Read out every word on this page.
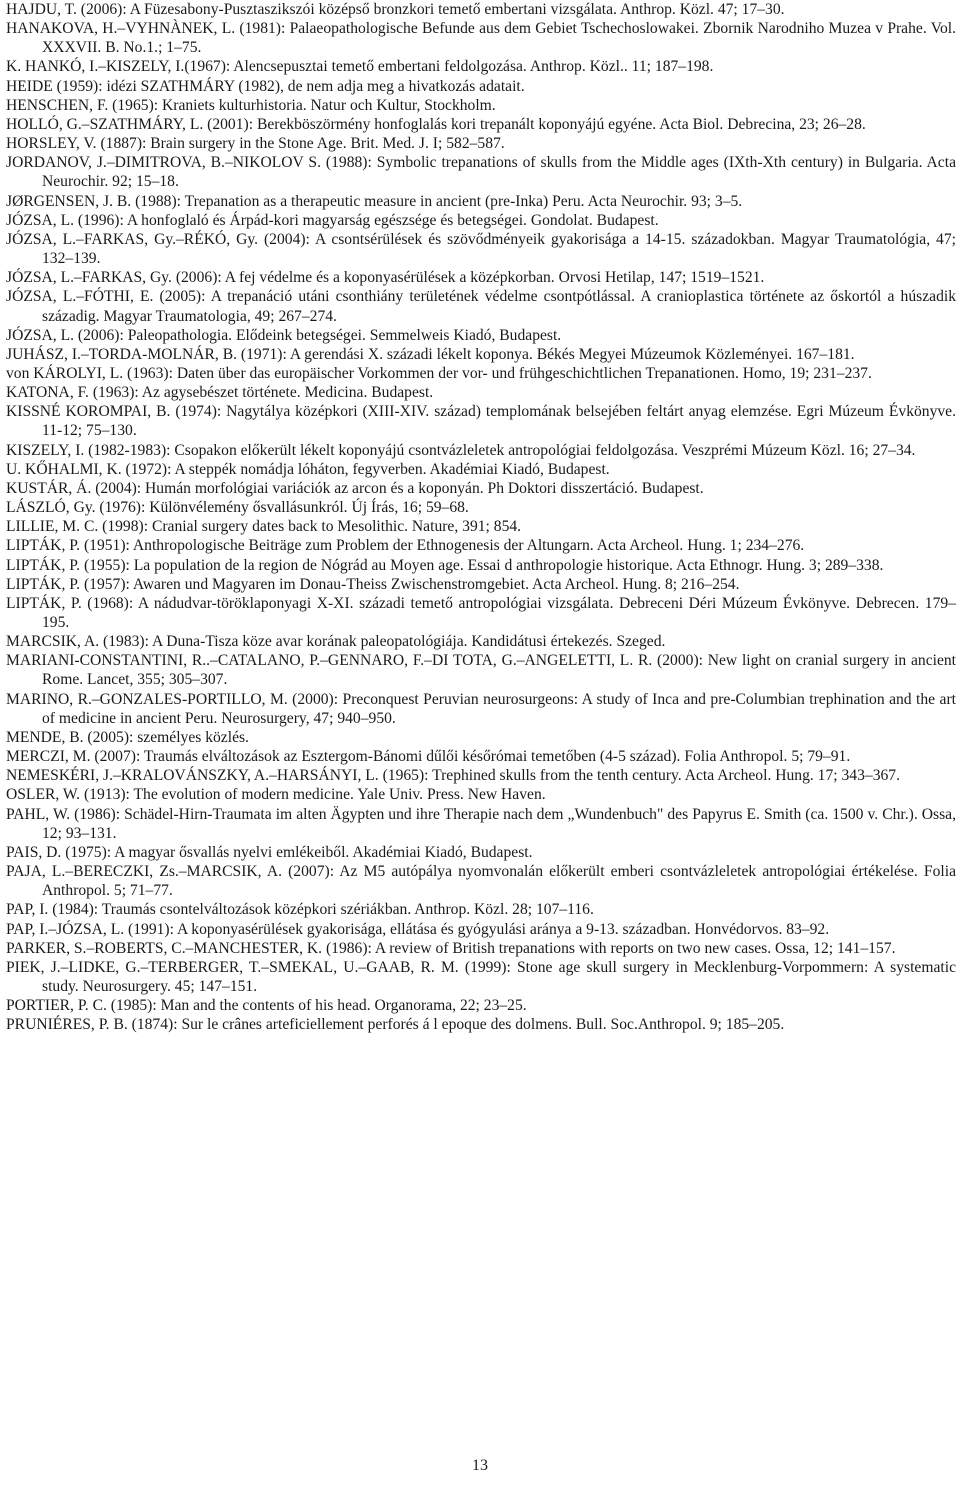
HAJDU, T. (2006): A Füzesabony-Pusztaszikszói középső bronzkori temető embertani vizsgálata. Anthrop. Közl. 47; 17–30.

HANAKOVA, H.–VYHNÀNEK, L. (1981): Palaeopathologische Befunde aus dem Gebiet Tschechoslowakei. Zbornik Narodniho Muzea v Prahe. Vol. XXXVII. B. No.1.; 1–75.

K. HANKÓ, I.–KISZELY, I.(1967): Alencsepusztai temető embertani feldolgozása. Anthrop. Közl.. 11; 187–198.

HEIDE (1959): idézi SZATHMÁRY (1982), de nem adja meg a hivatkozás adatait.

HENSCHEN, F. (1965): Kraniets kulturhistoria. Natur och Kultur, Stockholm.

HOLLÓ, G.–SZATHMÁRY, L. (2001): Berekböszörmény honfoglalás kori trepanált koponyájú egyéne. Acta Biol. Debrecina, 23; 26–28.

HORSLEY, V. (1887): Brain surgery in the Stone Age. Brit. Med. J. I; 582–587.

JORDANOV, J.–DIMITROVA, B.–NIKOLOV S. (1988): Symbolic trepanations of skulls from the Middle ages (IXth-Xth century) in Bulgaria. Acta Neurochir. 92; 15–18.

JØRGENSEN, J. B. (1988): Trepanation as a therapeutic measure in ancient (pre-Inka) Peru. Acta Neurochir. 93; 3–5.

JÓZSA, L. (1996): A honfoglaló és Árpád-kori magyarság egészsége és betegségei. Gondolat. Budapest.

JÓZSA, L.–FARKAS, Gy.–RÉKÓ, Gy. (2004): A csontsérülések és szövődményeik gyakorisága a 14-15. századokban. Magyar Traumatológia, 47; 132–139.

JÓZSA, L.–FARKAS, Gy. (2006): A fej védelme és a koponyasérülések a középkorban. Orvosi Hetilap, 147; 1519–1521.

JÓZSA, L.–FÓTHI, E. (2005): A trepanáció utáni csonthiány területének védelme csontpótlással. A cranioplastica története az őskortól a húszadik századig. Magyar Traumatologia, 49; 267–274.

JÓZSA, L. (2006): Paleopathologia. Elődeink betegségei. Semmelweis Kiadó, Budapest.

JUHÁSZ, I.–TORDA-MOLNÁR, B. (1971): A gerendási X. századi lékelt koponya. Békés Megyei Múzeumok Közleményei. 167–181.

von KÁROLYI, L. (1963): Daten über das europäischer Vorkommen der vor- und frühgeschichtlichen Trepanationen. Homo, 19; 231–237.

KATONA, F. (1963): Az agysebészet története. Medicina. Budapest.

KISSNÉ KOROMPAI, B. (1974): Nagytálya középkori (XIII-XIV. század) templomának belsejében feltárt anyag elemzése. Egri Múzeum Évkönyve. 11-12; 75–130.

KISZELY, I. (1982-1983): Csopakon előkerült lékelt koponyájú csontvázleletek antropológiai feldolgozása. Veszprémi Múzeum Közl. 16; 27–34.

U. KŐHALMI, K. (1972): A steppék nomádja lóháton, fegyverben. Akadémiai Kiadó, Budapest.

KUSTÁR, Á. (2004): Humán morfológiai variációk az arcon és a koponyán. Ph Doktori disszertáció. Budapest.

LÁSZLÓ, Gy. (1976): Különvélemény ősvallásunkról. Új Írás, 16; 59–68.

LILLIE, M. C. (1998): Cranial surgery dates back to Mesolithic. Nature, 391; 854.

LIPTÁK, P. (1951): Anthropologische Beiträge zum Problem der Ethnogenesis der Altungarn. Acta Archeol. Hung. 1; 234–276.

LIPTÁK, P. (1955): La population de la region de Nógrád au Moyen age. Essai d anthropologie historique. Acta Ethnogr. Hung. 3; 289–338.

LIPTÁK, P. (1957): Awaren und Magyaren im Donau-Theiss Zwischenstromgebiet. Acta Archeol. Hung. 8; 216–254.

LIPTÁK, P. (1968): A nádudvar-töröklaponyagi X-XI. századi temető antropológiai vizsgálata. Debreceni Déri Múzeum Évkönyve. Debrecen. 179–195.

MARCSIK, A. (1983): A Duna-Tisza köze avar korának paleopatológiája. Kandidátusi értekezés. Szeged.

MARIANI-CONSTANTINI, R..–CATALANO, P.–GENNARO, F.–DI TOTA, G.–ANGELETTI, L. R. (2000): New light on cranial surgery in ancient Rome. Lancet, 355; 305–307.

MARINO, R.–GONZALES-PORTILLO, M. (2000): Preconquest Peruvian neurosurgeons: A study of Inca and pre-Columbian trephination and the art of medicine in ancient Peru. Neurosurgery, 47; 940–950.

MENDE, B. (2005): személyes közlés.

MERCZI, M. (2007): Traumás elváltozások az Esztergom-Bánomi dűlői későrómai temetőben (4-5 század). Folia Anthropol. 5; 79–91.

NEMESKÉRI, J.–KRALOVÁNSZKY, A.–HARSÁNYI, L. (1965): Trephined skulls from the tenth century. Acta Archeol. Hung. 17; 343–367.

OSLER, W. (1913): The evolution of modern medicine. Yale Univ. Press. New Haven.

PAHL, W. (1986): Schädel-Hirn-Traumata im alten Ägypten und ihre Therapie nach dem „Wundenbuch" des Papyrus E. Smith (ca. 1500 v. Chr.). Ossa, 12; 93–131.

PAIS, D. (1975): A magyar ősvallás nyelvi emlékeiből. Akadémiai Kiadó, Budapest.

PAJA, L.–BERECZKI, Zs.–MARCSIK, A. (2007): Az M5 autópálya nyomvonalán előkerült emberi csontvázleletek antropológiai értékelése. Folia Anthropol. 5; 71–77.

PAP, I. (1984): Traumás csontelváltozások középkori szériákban. Anthrop. Közl. 28; 107–116.

PAP, I.–JÓZSA, L. (1991): A koponyasérülések gyakorisága, ellátása és gyógyulási aránya a 9-13. században. Honvédorvos. 83–92.

PARKER, S.–ROBERTS, C.–MANCHESTER, K. (1986): A review of British trepanations with reports on two new cases. Ossa, 12; 141–157.

PIEK, J.–LIDKE, G.–TERBERGER, T.–SMEKAL, U.–GAAB, R. M. (1999): Stone age skull surgery in Mecklenburg-Vorpommern: A systematic study. Neurosurgery. 45; 147–151.

PORTIER, P. C. (1985): Man and the contents of his head. Organorama, 22; 23–25.

PRUNIÉRES, P. B. (1874): Sur le crânes arteficiellement perforés á l epoque des dolmens. Bull. Soc.Anthropol. 9; 185–205.

13
